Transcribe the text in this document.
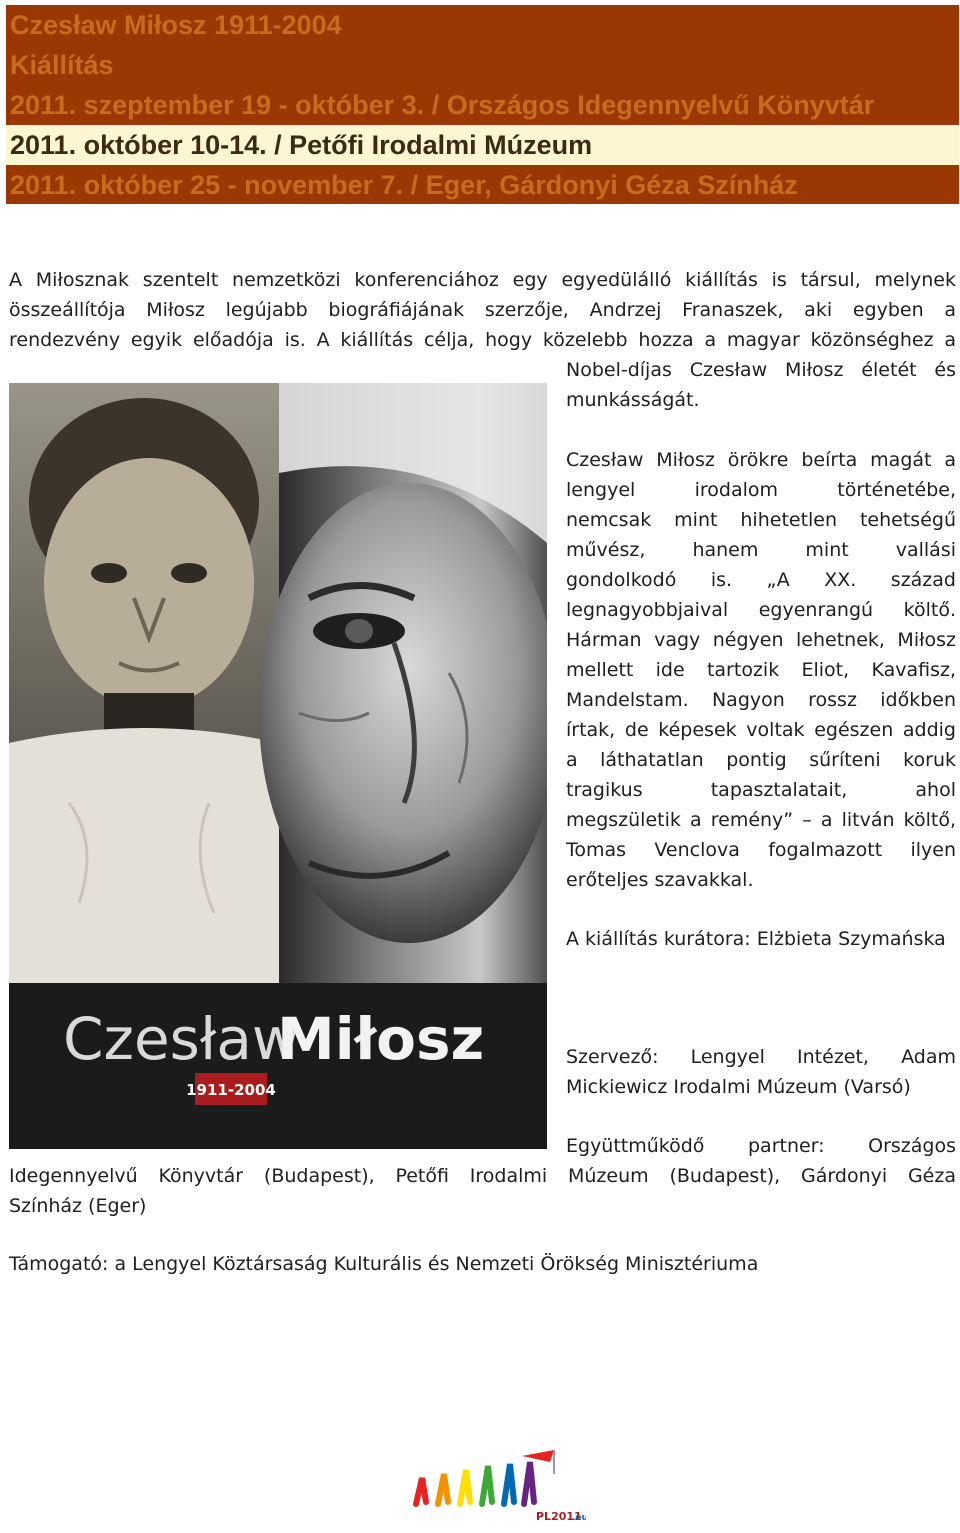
Czesław Miłosz 1911-2004

Kiállítás

2011. szeptember 19 - október 3. / Országos Idegennyelvű Könyvtár

2011. október 10-14. / Petőfi Irodalmi Múzeum

2011. október 25 - november 7. / Eger, Gárdonyi Géza Színház

A Miłosznak szentelt nemzetközi konferenciához egy egyedülálló kiállítás is társul, melynek
összeállítója Miłosz legújabb biográfiájának szerzője, Andrzej Franaszek, aki egyben a
rendezvény egyik előadója is. A kiállítás célja, hogy közelebb hozza a magyar közönséghez a
Nobel-díjas Czesław Miłosz életét és
munkásságát.
Czesław
Miłosz
1911-2004
Czesław Miłosz örökre beírta magát a
lengyel irodalom történetébe,
nemcsak mint hihetetlen tehetségű
művész, hanem mint vallási
gondolkodó is. „A XX. század
legnagyobbjaival egyenrangú költő.
Hárman vagy négyen lehetnek, Miłosz
mellett ide tartozik Eliot, Kavafisz,
Mandelstam. Nagyon rossz időkben
írtak, de képesek voltak egészen addig
a láthatatlan pontig sűríteni koruk
tragikus tapasztalatait, ahol
megszületik a remény” – a litván költő,
Tomas Venclova fogalmazott ilyen
erőteljes szavakkal.
A kiállítás kurátora: Elżbieta Szymańska
Szervező: Lengyel Intézet, Adam
Mickiewicz Irodalmi Múzeum (Varsó)
Együttműködő partner: Országos
Idegennyelvű Könyvtár (Budapest), Petőfi Irodalmi Múzeum (Budapest), Gárdonyi Géza
Színház (Eger)
Támogató: a Lengyel Köztársaság Kulturális és Nemzeti Örökség Minisztériuma
PL2011
.eu
